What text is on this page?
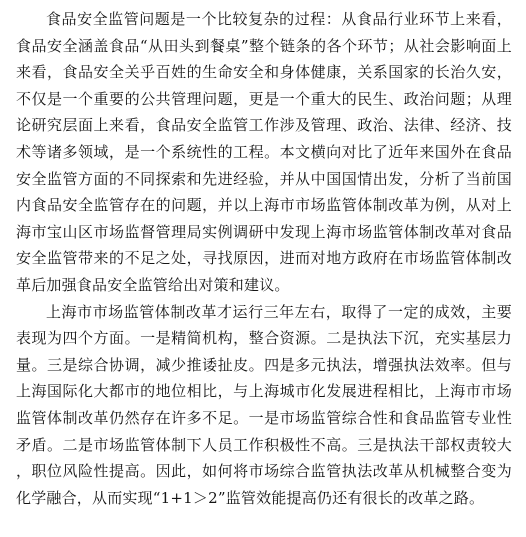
食品安全监管问题是一个比较复杂的过程：从食品行业环节上来看，食品安全涵盖食品“从田头到餐桌”整个链条的各个环节；从社会影响面上来看，食品安全关乎百姓的生命安全和身体健康，关系国家的长治久安，不仅是一个重要的公共管理问题，更是一个重大的民生、政治问题；从理论研究层面上来看，食品安全监管工作涉及管理、政治、法律、经济、技术等诸多领域，是一个系统性的工程。本文横向对比了近年来国外在食品安全监管方面的不同探索和先进经验，并从中国国情出发，分析了当前国内食品安全监管存在的问题，并以上海市市场监管体制改革为例，从对上海市宝山区市场监督管理局实例调研中发现上海市场监管体制改革对食品安全监管带来的不足之处，寻找原因，进而对地方政府在市场监管体制改革后加强食品安全监管给出对策和建议。

上海市市场监管体制改革才运行三年左右，取得了一定的成效，主要表现为四个方面。一是精简机构，整合资源。二是执法下沉，充实基层力量。三是综合协调，减少推诿扯皮。四是多元执法，增强执法效率。但与上海国际化大都市的地位相比，与上海城市化发展进程相比，上海市市场监管体制改革仍然存在许多不足。一是市场监管综合性和食品监管专业性矛盾。二是市场监管体制下人员工作积极性不高。三是执法干部权责较大，职位风险性提高。因此，如何将市场综合监管执法改革从机械整合变为化学融合，从而实现“1+1＞2”监管效能提高仍还有很长的改革之路。
